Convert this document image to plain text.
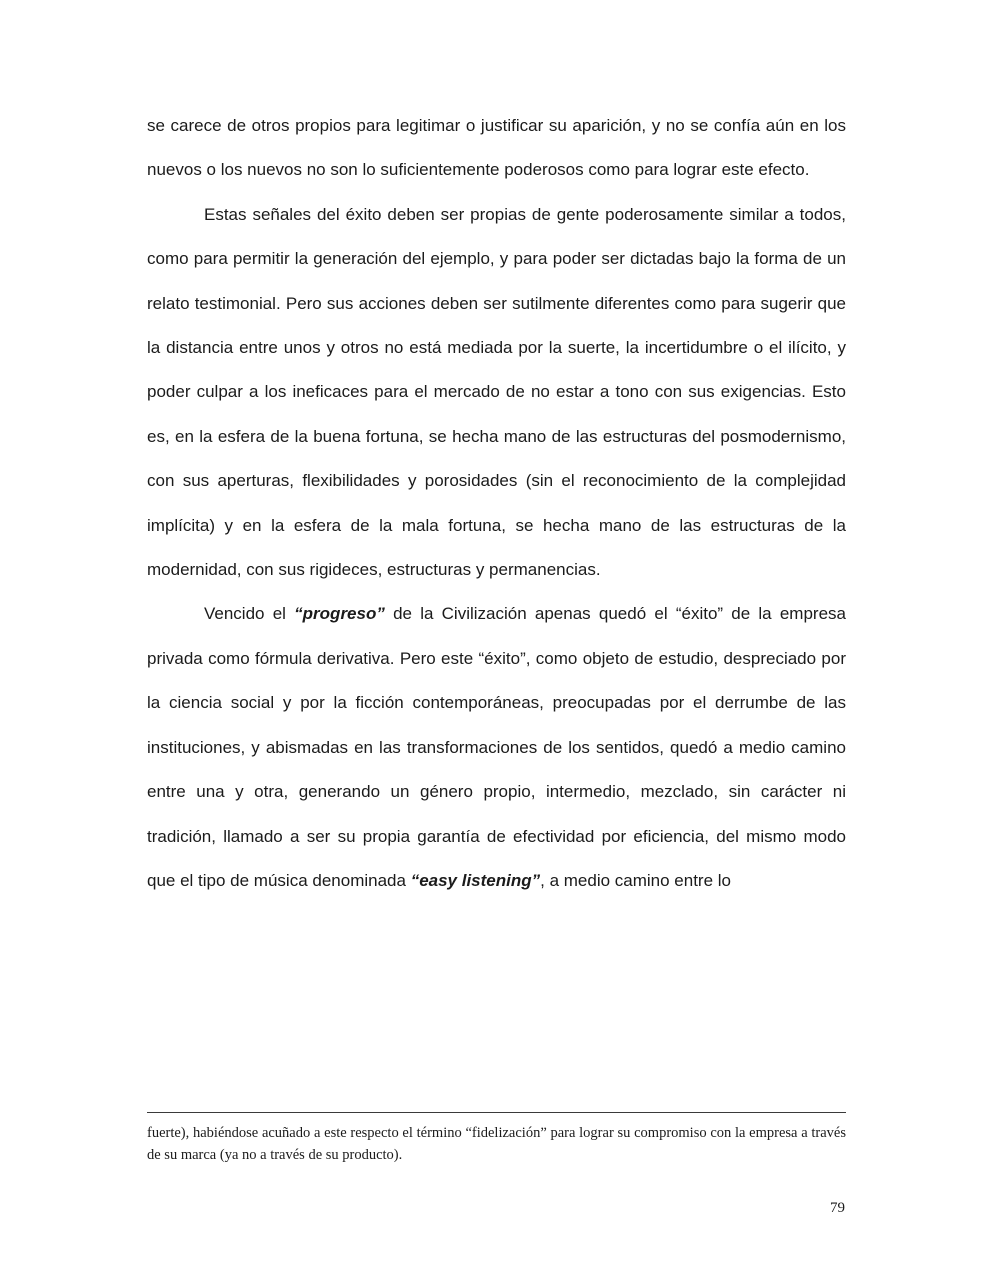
se carece de otros propios para legitimar o justificar su aparición, y no se confía aún en los nuevos o los nuevos no son lo suficientemente poderosos como para lograr este efecto.

Estas señales del éxito deben ser propias de gente poderosamente similar a todos, como para permitir la generación del ejemplo, y para poder ser dictadas bajo la forma de un relato testimonial. Pero sus acciones deben ser sutilmente diferentes como para sugerir que la distancia entre unos y otros no está mediada por la suerte, la incertidumbre o el ilícito, y poder culpar a los ineficaces para el mercado de no estar a tono con sus exigencias. Esto es, en la esfera de la buena fortuna, se hecha mano de las estructuras del posmodernismo, con sus aperturas, flexibilidades y porosidades (sin el reconocimiento de la complejidad implícita) y en la esfera de la mala fortuna, se hecha mano de las estructuras de la modernidad, con sus rigideces, estructuras y permanencias.

Vencido el “progreso” de la Civilización apenas quedó el “éxito” de la empresa privada como fórmula derivativa. Pero este “éxito”, como objeto de estudio, despreciado por la ciencia social y por la ficción contemporáneas, preocupadas por el derrumbe de las instituciones, y abismadas en las transformaciones de los sentidos, quedó a medio camino entre una y otra, generando un género propio, intermedio, mezclado, sin carácter ni tradición, llamado a ser su propia garantía de efectividad por eficiencia, del mismo modo que el tipo de música denominada “easy listening”, a medio camino entre lo

fuerte), habiéndose acuñado a este respecto el término “fidelización” para lograr su compromiso con la empresa a través de su marca (ya no a través de su producto).

79
